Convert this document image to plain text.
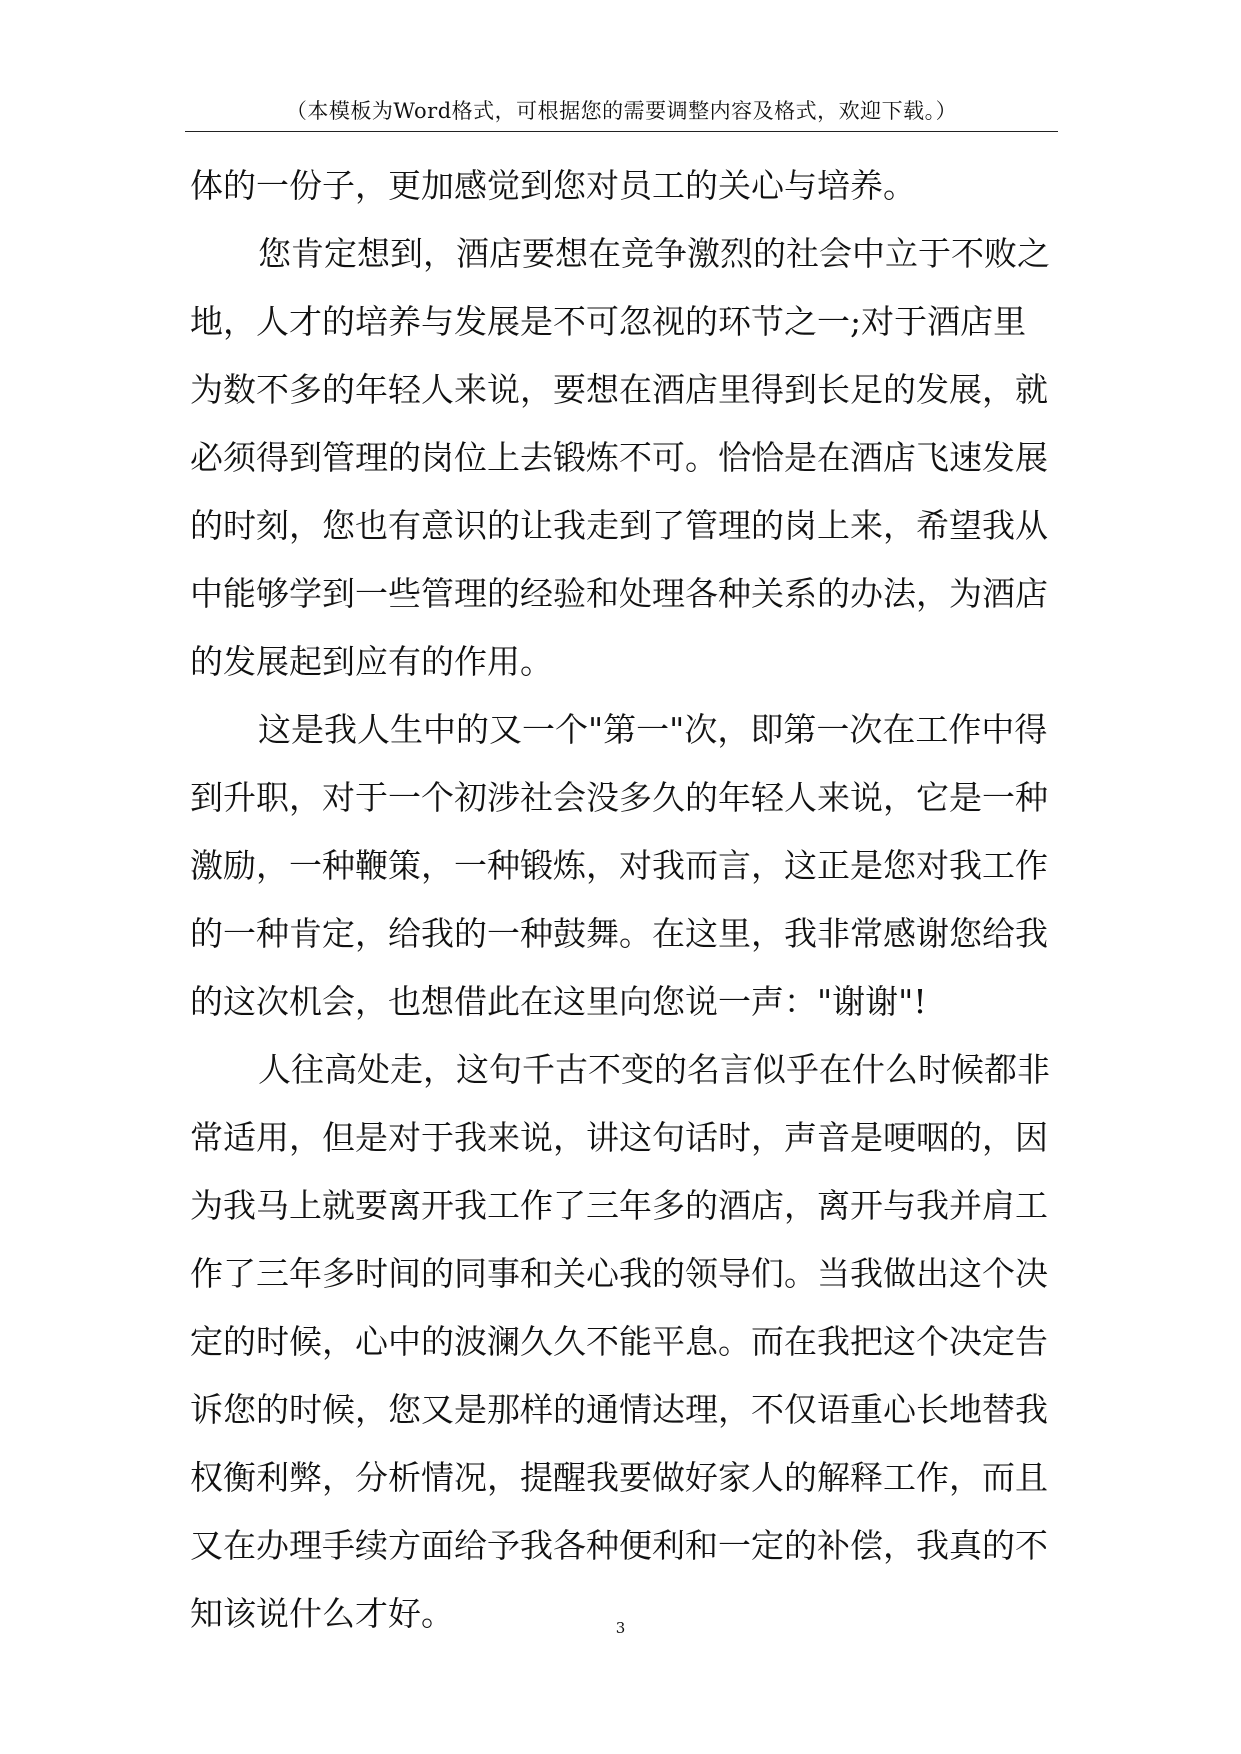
（本模板为Word格式，可根据您的需要调整内容及格式，欢迎下载。）
体的一份子，更加感觉到您对员工的关心与培养。
您肯定想到，酒店要想在竞争激烈的社会中立于不败之
地，人才的培养与发展是不可忽视的环节之一;对于酒店里
为数不多的年轻人来说，要想在酒店里得到长足的发展，就
必须得到管理的岗位上去锻炼不可。恰恰是在酒店飞速发展
的时刻，您也有意识的让我走到了管理的岗上来，希望我从
中能够学到一些管理的经验和处理各种关系的办法，为酒店
的发展起到应有的作用。
这是我人生中的又一个"第一"次，即第一次在工作中得
到升职，对于一个初涉社会没多久的年轻人来说，它是一种
激励，一种鞭策，一种锻炼，对我而言，这正是您对我工作
的一种肯定，给我的一种鼓舞。在这里，我非常感谢您给我
的这次机会，也想借此在这里向您说一声："谢谢"!
人往高处走，这句千古不变的名言似乎在什么时候都非
常适用，但是对于我来说，讲这句话时，声音是哽咽的，因
为我马上就要离开我工作了三年多的酒店，离开与我并肩工
作了三年多时间的同事和关心我的领导们。当我做出这个决
定的时候，心中的波澜久久不能平息。而在我把这个决定告
诉您的时候，您又是那样的通情达理，不仅语重心长地替我
权衡利弊，分析情况，提醒我要做好家人的解释工作，而且
又在办理手续方面给予我各种便利和一定的补偿，我真的不
知该说什么才好。	3
